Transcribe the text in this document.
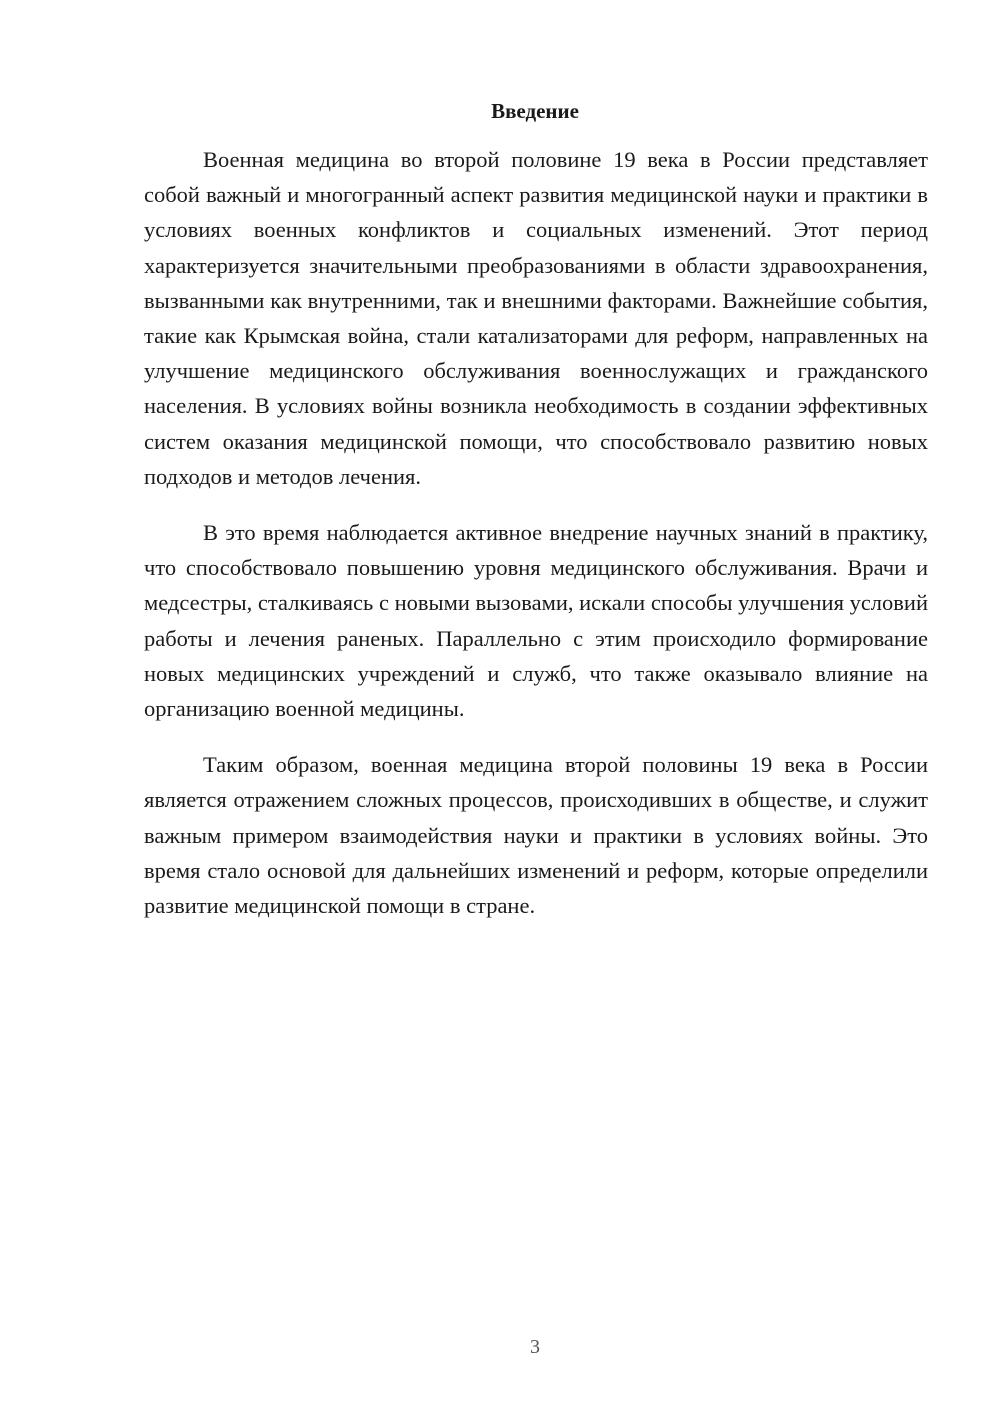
Введение

Военная медицина во второй половине 19 века в России представляет собой важный и многогранный аспект развития медицинской науки и практики в условиях военных конфликтов и социальных изменений. Этот период характеризуется значительными преобразованиями в области здравоохранения, вызванными как внутренними, так и внешними факторами. Важнейшие события, такие как Крымская война, стали катализаторами для реформ, направленных на улучшение медицинского обслуживания военнослужащих и гражданского населения. В условиях войны возникла необходимость в создании эффективных систем оказания медицинской помощи, что способствовало развитию новых подходов и методов лечения.

В это время наблюдается активное внедрение научных знаний в практику, что способствовало повышению уровня медицинского обслуживания. Врачи и медсестры, сталкиваясь с новыми вызовами, искали способы улучшения условий работы и лечения раненых. Параллельно с этим происходило формирование новых медицинских учреждений и служб, что также оказывало влияние на организацию военной медицины.

Таким образом, военная медицина второй половины 19 века в России является отражением сложных процессов, происходивших в обществе, и служит важным примером взаимодействия науки и практики в условиях войны. Это время стало основой для дальнейших изменений и реформ, которые определили развитие медицинской помощи в стране.

3
